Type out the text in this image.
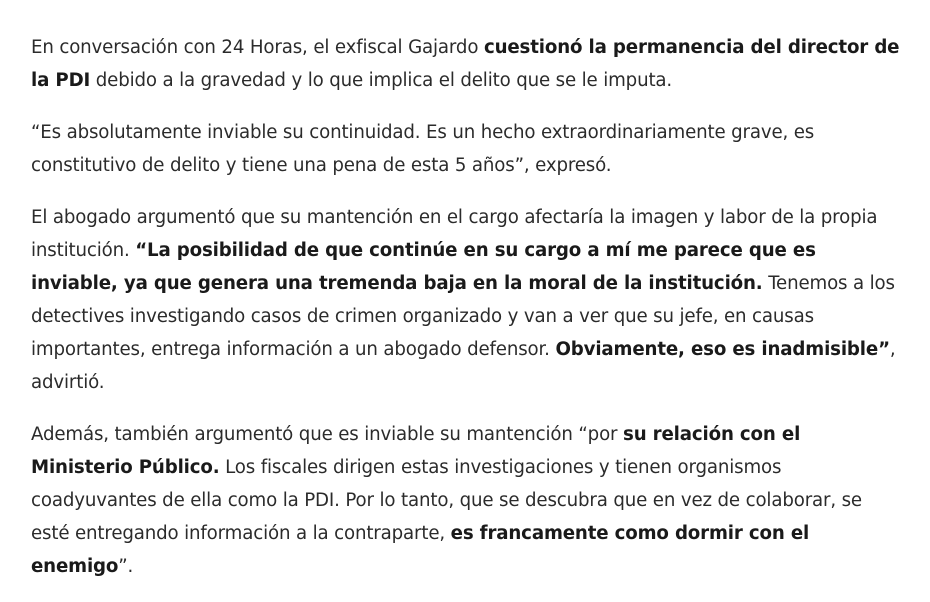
En conversación con 24 Horas, el exfiscal Gajardo cuestionó la permanencia del director de la PDI debido a la gravedad y lo que implica el delito que se le imputa.

“Es absolutamente inviable su continuidad. Es un hecho extraordinariamente grave, es constitutivo de delito y tiene una pena de esta 5 años”, expresó.

El abogado argumentó que su mantención en el cargo afectaría la imagen y labor de la propia institución. “La posibilidad de que continúe en su cargo a mí me parece que es inviable, ya que genera una tremenda baja en la moral de la institución. Tenemos a los detectives investigando casos de crimen organizado y van a ver que su jefe, en causas importantes, entrega información a un abogado defensor. Obviamente, eso es inadmisible”, advirtió.

Además, también argumentó que es inviable su mantención “por su relación con el Ministerio Público. Los fiscales dirigen estas investigaciones y tienen organismos coadyuvantes de ella como la PDI. Por lo tanto, que se descubra que en vez de colaborar, se esté entregando información a la contraparte, es francamente como dormir con el enemigo”.
